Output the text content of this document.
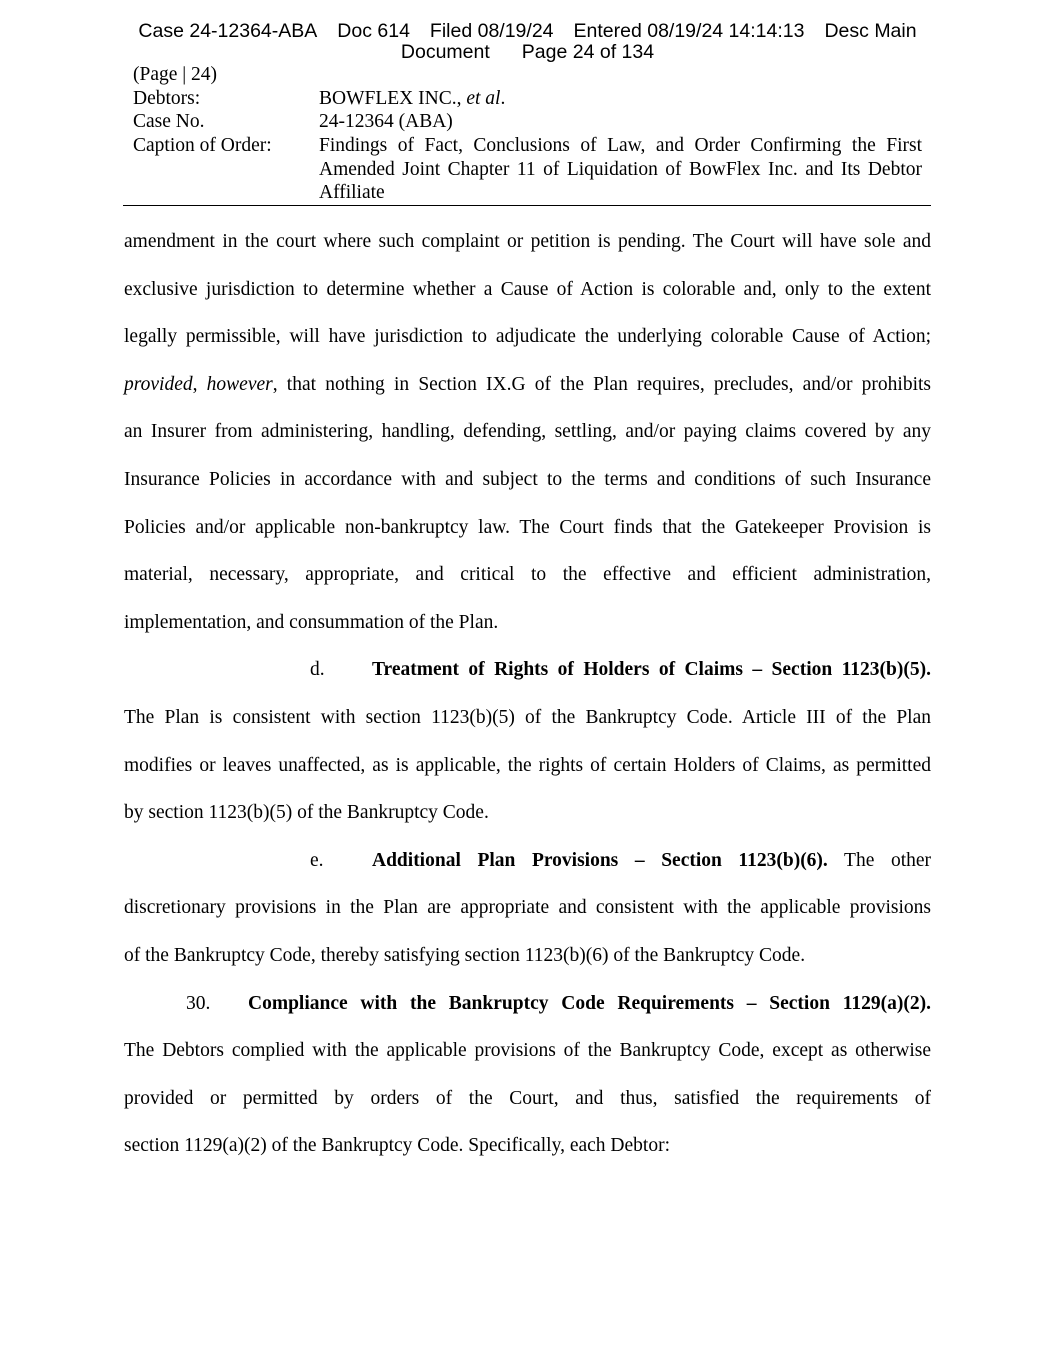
Case 24-12364-ABA Doc 614 Filed 08/19/24 Entered 08/19/24 14:14:13 Desc Main
Document Page 24 of 134
(Page | 24)
Debtors:	BOWFLEX INC., et al.
Case No.	24-12364 (ABA)
Caption of Order: Findings of Fact, Conclusions of Law, and Order Confirming the First Amended Joint Chapter 11 of Liquidation of BowFlex Inc. and Its Debtor Affiliate
amendment in the court where such complaint or petition is pending. The Court will have sole and
exclusive jurisdiction to determine whether a Cause of Action is colorable and, only to the extent
legally permissible, will have jurisdiction to adjudicate the underlying colorable Cause of Action;
provided, however, that nothing in Section IX.G of the Plan requires, precludes, and/or prohibits
an Insurer from administering, handling, defending, settling, and/or paying claims covered by any
Insurance Policies in accordance with and subject to the terms and conditions of such Insurance
Policies and/or applicable non-bankruptcy law. The Court finds that the Gatekeeper Provision is
material, necessary, appropriate, and critical to the effective and efficient administration,
implementation, and consummation of the Plan.
d. Treatment of Rights of Holders of Claims – Section 1123(b)(5).
The Plan is consistent with section 1123(b)(5) of the Bankruptcy Code. Article III of the Plan
modifies or leaves unaffected, as is applicable, the rights of certain Holders of Claims, as permitted
by section 1123(b)(5) of the Bankruptcy Code.
e. Additional Plan Provisions – Section 1123(b)(6). The other
discretionary provisions in the Plan are appropriate and consistent with the applicable provisions
of the Bankruptcy Code, thereby satisfying section 1123(b)(6) of the Bankruptcy Code.
30. Compliance with the Bankruptcy Code Requirements – Section 1129(a)(2).
The Debtors complied with the applicable provisions of the Bankruptcy Code, except as otherwise
provided or permitted by orders of the Court, and thus, satisfied the requirements of
section 1129(a)(2) of the Bankruptcy Code. Specifically, each Debtor:
